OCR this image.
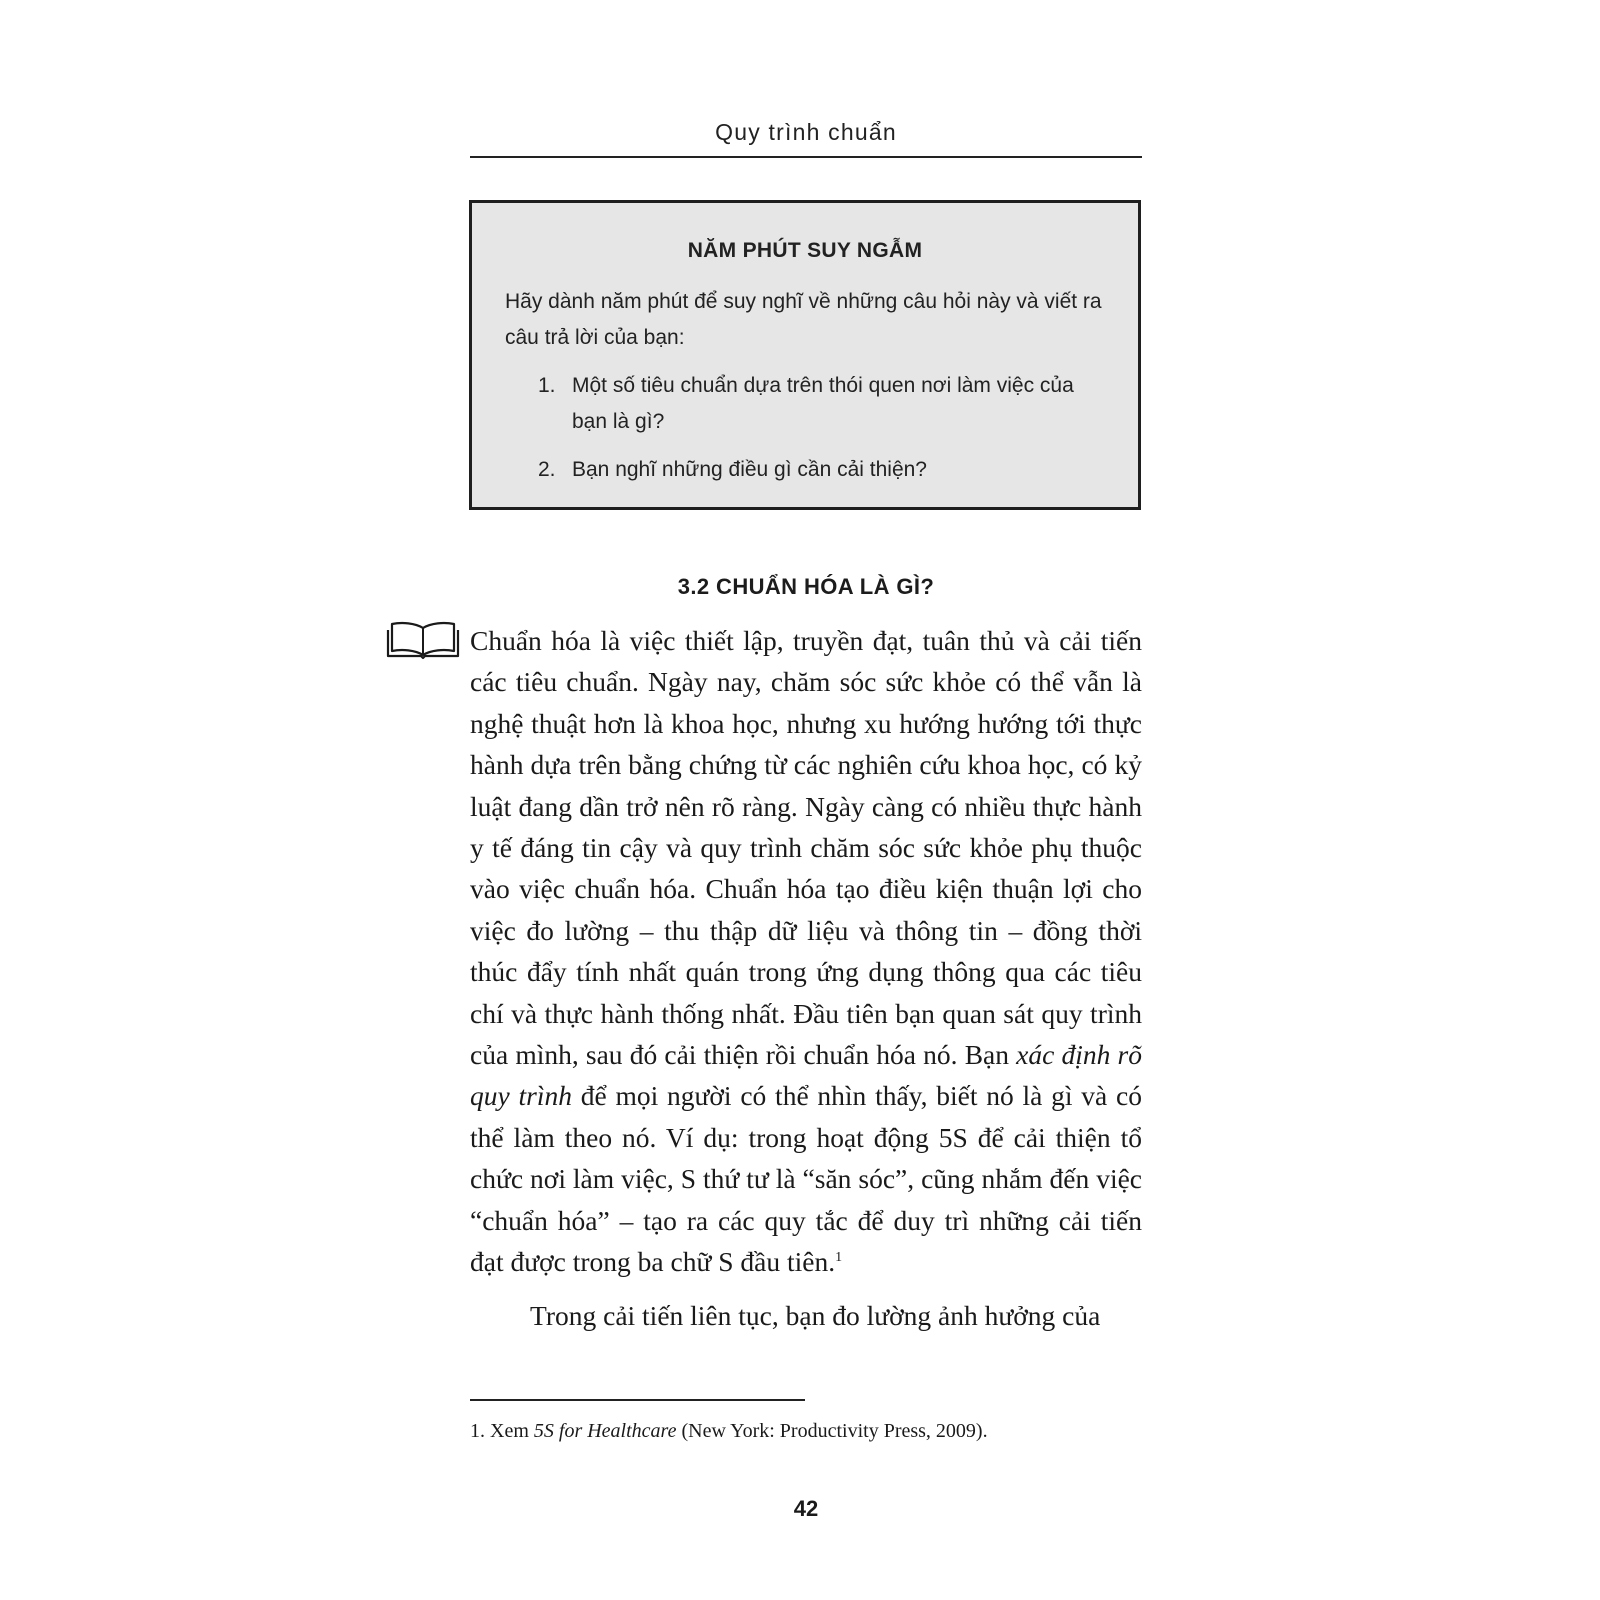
Quy trình chuẩn
NĂM PHÚT SUY NGẪM
Hãy dành năm phút để suy nghĩ về những câu hỏi này và viết ra câu trả lời của bạn:
1. Một số tiêu chuẩn dựa trên thói quen nơi làm việc của bạn là gì?
2. Bạn nghĩ những điều gì cần cải thiện?
3.2 CHUẨN HÓA LÀ GÌ?

Chuẩn hóa là việc thiết lập, truyền đạt, tuân thủ và cải tiến các tiêu chuẩn. Ngày nay, chăm sóc sức khỏe có thể vẫn là nghệ thuật hơn là khoa học, nhưng xu hướng hướng tới thực hành dựa trên bằng chứng từ các nghiên cứu khoa học, có kỷ luật đang dần trở nên rõ ràng. Ngày càng có nhiều thực hành y tế đáng tin cậy và quy trình chăm sóc sức khỏe phụ thuộc vào việc chuẩn hóa. Chuẩn hóa tạo điều kiện thuận lợi cho việc đo lường – thu thập dữ liệu và thông tin – đồng thời thúc đẩy tính nhất quán trong ứng dụng thông qua các tiêu chí và thực hành thống nhất. Đầu tiên bạn quan sát quy trình của mình, sau đó cải thiện rồi chuẩn hóa nó. Bạn xác định rõ quy trình để mọi người có thể nhìn thấy, biết nó là gì và có thể làm theo nó. Ví dụ: trong hoạt động 5S để cải thiện tổ chức nơi làm việc, S thứ tư là “săn sóc”, cũng nhắm đến việc “chuẩn hóa” – tạo ra các quy tắc để duy trì những cải tiến đạt được trong ba chữ S đầu tiên.$^1$

Trong cải tiến liên tục, bạn đo lường ảnh hưởng của

1. Xem 5S for Healthcare (New York: Productivity Press, 2009).
42
